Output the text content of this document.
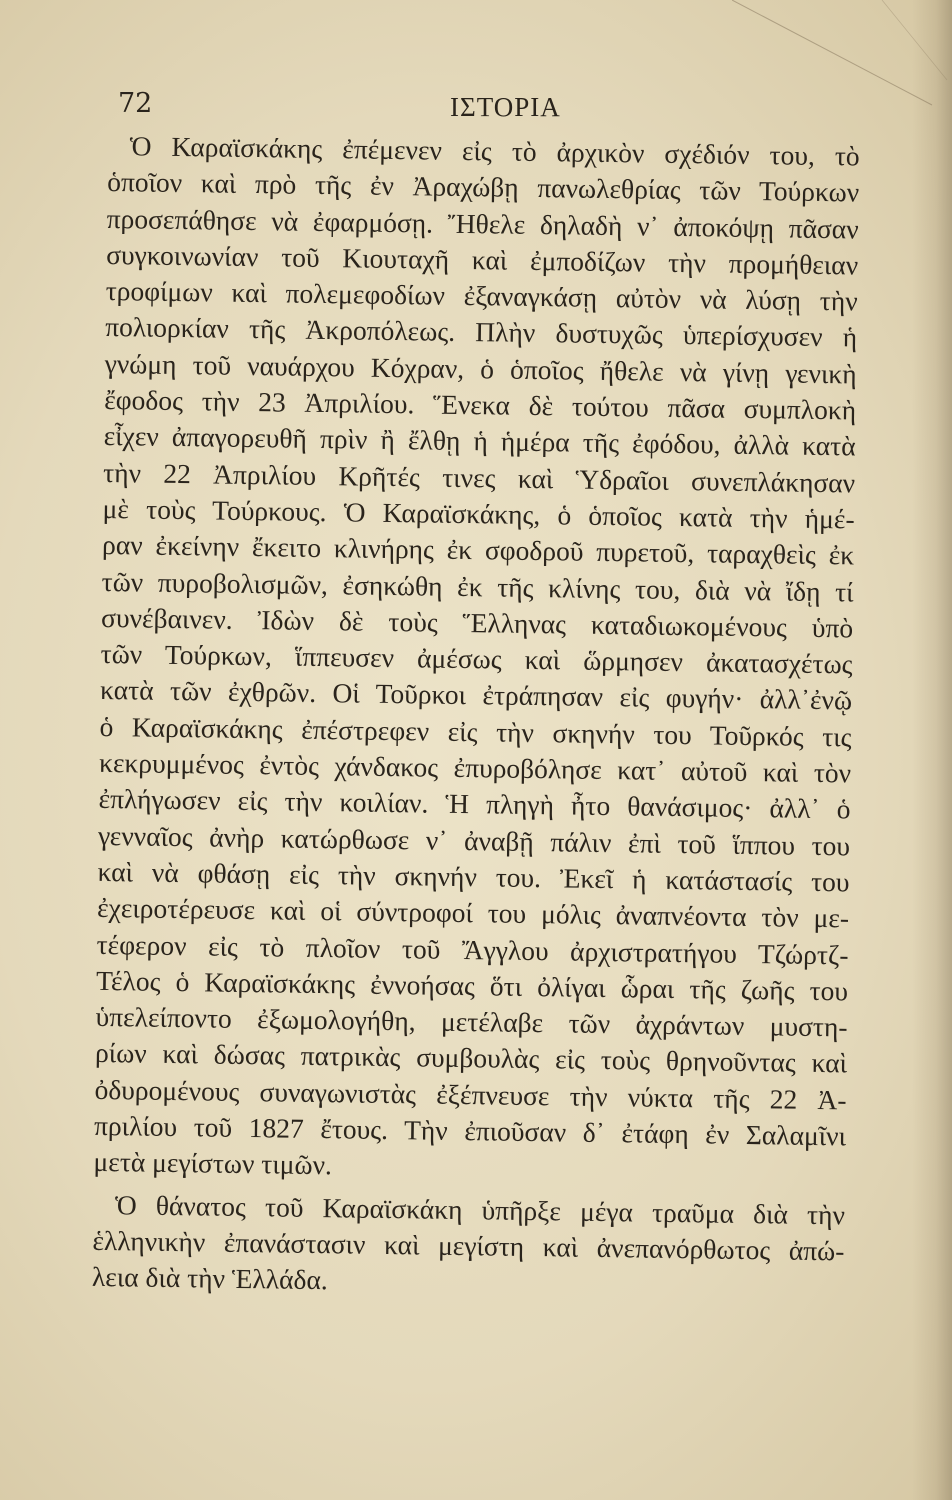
72	ΙΣΤΟΡΙΑ
Ὁ Καραϊσκάκης ἐπέμενεν εἰς τὸ ἀρχικὸν σχέδιόν του, τὸ
ὁποῖον καὶ πρὸ τῆς ἐν Ἀραχώβῃ πανωλεθρίας τῶν Τούρκων
προσεπάθησε νὰ ἐφαρμόσῃ. Ἤθελε δηλαδὴ ν᾿ ἀποκόψῃ πᾶσαν
συγκοινωνίαν τοῦ Κιουταχῆ καὶ ἐμποδίζων τὴν προμήθειαν
τροφίμων καὶ πολεμεφοδίων ἐξαναγκάσῃ αὐτὸν νὰ λύσῃ τὴν
πολιορκίαν τῆς Ἀκροπόλεως. Πλὴν δυστυχῶς ὑπερίσχυσεν ἡ
γνώμη τοῦ ναυάρχου Κόχραν, ὁ ὁποῖος ἤθελε νὰ γίνῃ γενικὴ
ἔφοδος τὴν 23 Ἀπριλίου. Ἕνεκα δὲ τούτου πᾶσα συμπλοκὴ
εἶχεν ἀπαγορευθῆ πρὶν ἢ ἔλθῃ ἡ ἡμέρα τῆς ἐφόδου, ἀλλὰ κατὰ
τὴν 22 Ἀπριλίου Κρῆτές τινες καὶ Ὑδραῖοι συνεπλάκησαν
μὲ τοὺς Τούρκους. Ὁ Καραϊσκάκης, ὁ ὁποῖος κατὰ τὴν ἡμέ-
ραν ἐκείνην ἔκειτο κλινήρης ἐκ σφοδροῦ πυρετοῦ, ταραχθεὶς ἐκ
τῶν πυροβολισμῶν, ἐσηκώθη ἐκ τῆς κλίνης του, διὰ νὰ ἴδῃ τί
συνέβαινεν. Ἰδὼν δὲ τοὺς Ἕλληνας καταδιωκομένους ὑπὸ
τῶν Τούρκων, ἵππευσεν ἀμέσως καὶ ὥρμησεν ἀκατασχέτως
κατὰ τῶν ἐχθρῶν. Οἱ Τοῦρκοι ἐτράπησαν εἰς φυγήν· ἀλλ᾿ἐνῷ
ὁ Καραϊσκάκης ἐπέστρεφεν εἰς τὴν σκηνήν του Τοῦρκός τις
κεκρυμμένος ἐντὸς χάνδακος ἐπυροβόλησε κατ᾿ αὐτοῦ καὶ τὸν
ἐπλήγωσεν εἰς τὴν κοιλίαν. Ἡ πληγὴ ἦτο θανάσιμος· ἀλλ᾿ ὁ
γενναῖος ἀνὴρ κατώρθωσε ν᾿ ἀναβῇ πάλιν ἐπὶ τοῦ ἵππου του
καὶ νὰ φθάσῃ εἰς τὴν σκηνήν του. Ἐκεῖ ἡ κατάστασίς του
ἐχειροτέρευσε καὶ οἱ σύντροφοί του μόλις ἀναπνέοντα τὸν με-
τέφερον εἰς τὸ πλοῖον τοῦ Ἄγγλου ἀρχιστρατήγου Τζώρτζ-
Τέλος ὁ Καραϊσκάκης ἐννοήσας ὅτι ὀλίγαι ὧραι τῆς ζωῆς του
ὑπελείποντο ἐξωμολογήθη, μετέλαβε τῶν ἀχράντων μυστη-
ρίων καὶ δώσας πατρικὰς συμβουλὰς εἰς τοὺς θρηνοῦντας καὶ
ὀδυρομένους συναγωνιστὰς ἐξέπνευσε τὴν νύκτα τῆς 22 Ἀ-
πριλίου τοῦ 1827 ἔτους. Τὴν ἐπιοῦσαν δ᾿ ἐτάφη ἐν Σαλαμῖνι
μετὰ μεγίστων τιμῶν.
Ὁ θάνατος τοῦ Καραϊσκάκη ὑπῆρξε μέγα τραῦμα διὰ τὴν
ἑλληνικὴν ἐπανάστασιν καὶ μεγίστη καὶ ἀνεπανόρθωτος ἀπώ-
λεια διὰ τὴν Ἑλλάδα.
